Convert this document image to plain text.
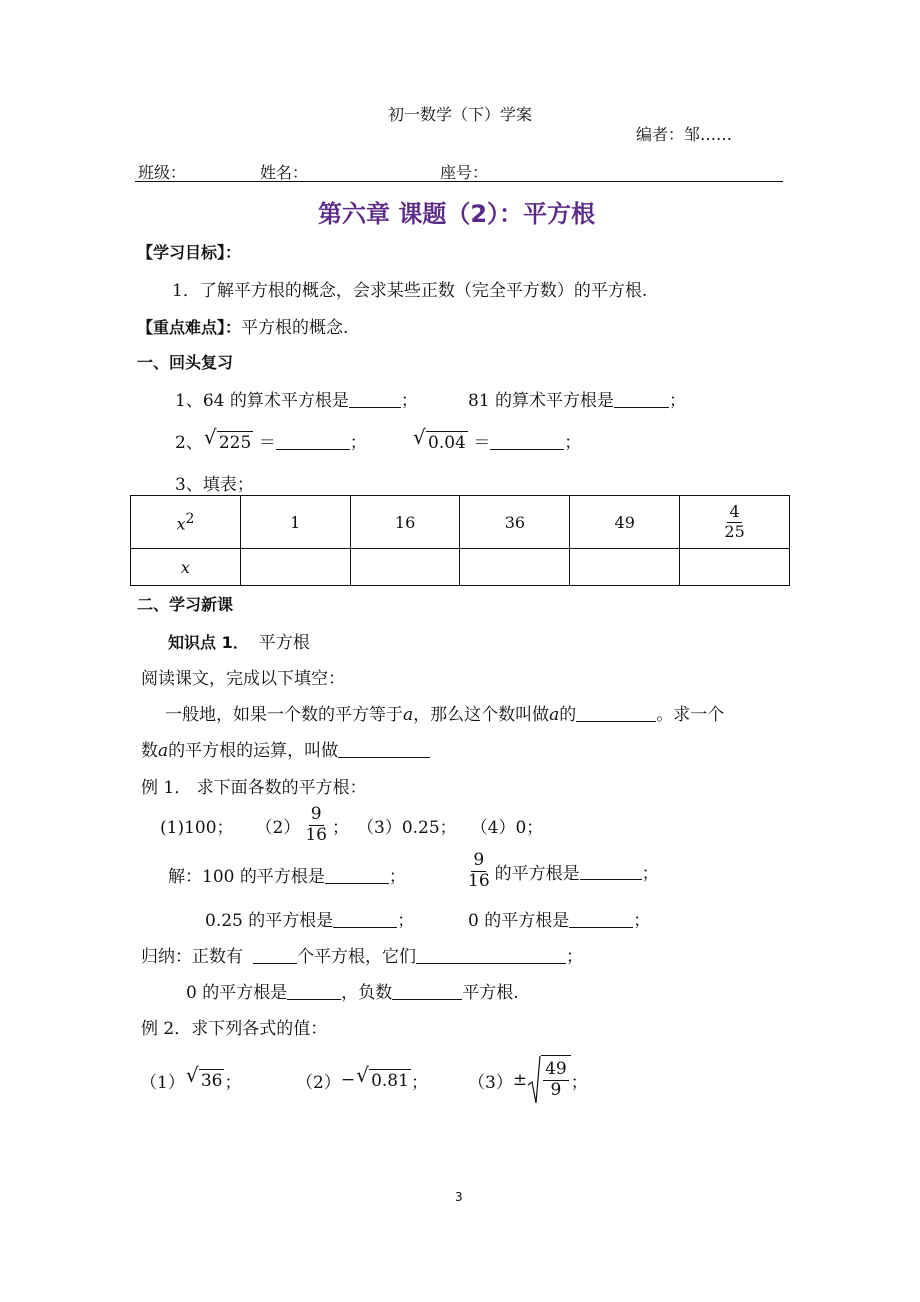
初一数学（下）学案
编者：邹……
班级：	姓名：	座号：
第六章 课题（2）：平方根
【学习目标】：
1．了解平方根的概念，会求某些正数（完全平方数）的平方根.
【重点难点】：平方根的概念.
一、回头复习
1、64 的算术平方根是	；	81 的算术平方根是	；
2、 √ 225 ＝	； √ 0.04 ＝	；
3、填表；
$x^2$	1	16	36	49	$\frac{4}{25}$

x					
二、学习新课
知识点 1． 平方根
阅读课文，完成以下填空：
一般地，如果一个数的平方等于a，那么这个数叫做a的	。求一个
数a的平方根的运算，叫做
例 1． 求下面各数的平方根：
(1)100； $(2) \frac{9}{16}$ ； （3）0.25； （4）0；
解：100 的平方根是	；	$\frac{9}{16}$ 的平方根是	；
0.25 的平方根是	；	0 的平方根是	；
归纳：正数有	个平方根，它们	；
0 的平方根是	，负数	平方根.
例 2．求下列各式的值：
（1） √ 36 ；	（2） − √ 0.81 ； $(3) \pm \frac{49}{9}$ ；
3
